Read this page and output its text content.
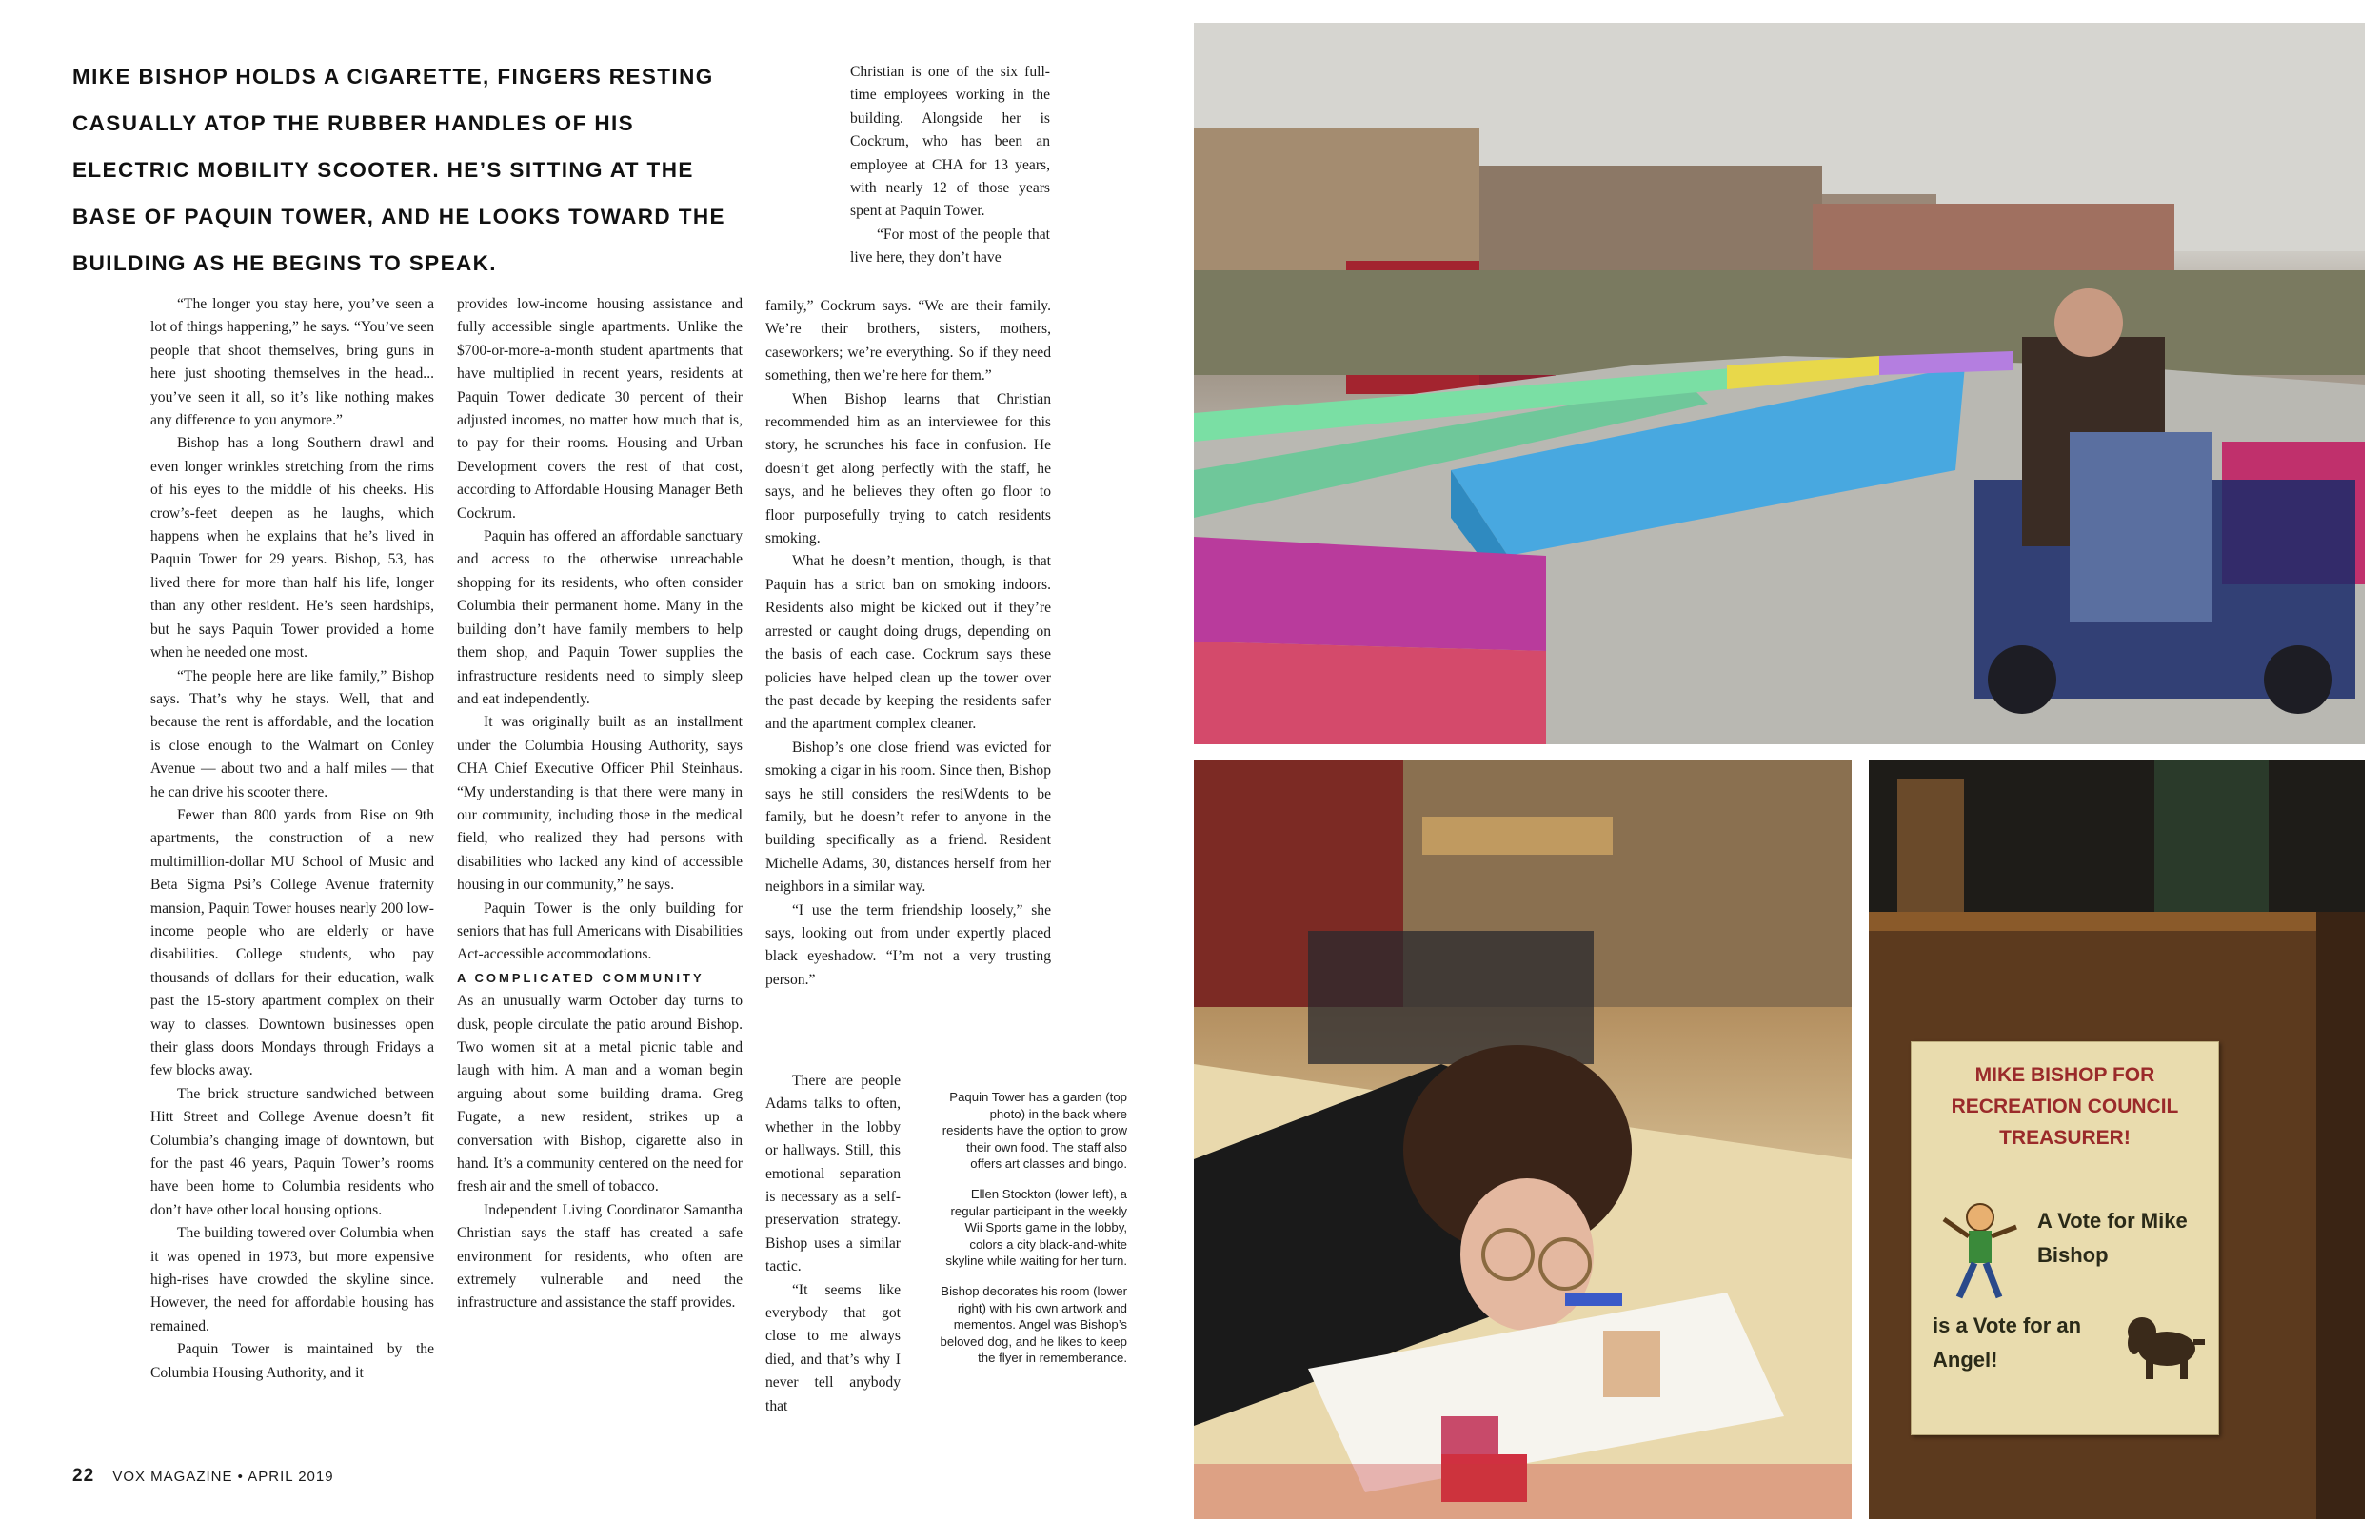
MIKE BISHOP HOLDS A CIGARETTE, FINGERS RESTING CASUALLY ATOP THE RUBBER HANDLES OF HIS ELECTRIC MOBILITY SCOOTER. HE’S SITTING AT THE BASE OF PAQUIN TOWER, AND HE LOOKS TOWARD THE BUILDING AS HE BEGINS TO SPEAK.

Christian is one of the six full-time employees working in the building. Alongside her is Cockrum, who has been an employee at CHA for 13 years, with nearly 12 of those years spent at Paquin Tower.

“For most of the people that live here, they don’t have

“The longer you stay here, you’ve seen a lot of things happening,” he says. “You’ve seen people that shoot themselves, bring guns in here just shooting themselves in the head... you’ve seen it all, so it’s like nothing makes any difference to you anymore.”

Bishop has a long Southern drawl and even longer wrinkles stretching from the rims of his eyes to the middle of his cheeks. His crow’s-feet deepen as he laughs, which happens when he explains that he’s lived in Paquin Tower for 29 years. Bishop, 53, has lived there for more than half his life, longer than any other resident. He’s seen hardships, but he says Paquin Tower provided a home when he needed one most.

“The people here are like family,” Bishop says. That’s why he stays. Well, that and because the rent is affordable, and the location is close enough to the Walmart on Conley Avenue — about two and a half miles — that he can drive his scooter there.

Fewer than 800 yards from Rise on 9th apartments, the construction of a new multimillion-dollar MU School of Music and Beta Sigma Psi’s College Avenue fraternity mansion, Paquin Tower houses nearly 200 low-income people who are elderly or have disabilities. College students, who pay thousands of dollars for their education, walk past the 15-story apartment complex on their way to classes. Downtown businesses open their glass doors Mondays through Fridays a few blocks away.

The brick structure sandwiched between Hitt Street and College Avenue doesn’t fit Columbia’s changing image of downtown, but for the past 46 years, Paquin Tower’s rooms have been home to Columbia residents who don’t have other local housing options.

The building towered over Columbia when it was opened in 1973, but more expensive high-rises have crowded the skyline since. However, the need for affordable housing has remained.

Paquin Tower is maintained by the Columbia Housing Authority, and it

provides low-income housing assistance and fully accessible single apartments. Unlike the $700-or-more-a-month student apartments that have multiplied in recent years, residents at Paquin Tower dedicate 30 percent of their adjusted incomes, no matter how much that is, to pay for their rooms. Housing and Urban Development covers the rest of that cost, according to Affordable Housing Manager Beth Cockrum.

Paquin has offered an affordable sanctuary and access to the otherwise unreachable shopping for its residents, who often consider Columbia their permanent home. Many in the building don’t have family members to help them shop, and Paquin Tower supplies the infrastructure residents need to simply sleep and eat independently.

It was originally built as an installment under the Columbia Housing Authority, says CHA Chief Executive Officer Phil Steinhaus. “My understanding is that there were many in our community, including those in the medical field, who realized they had persons with disabilities who lacked any kind of accessible housing in our community,” he says.

Paquin Tower is the only building for seniors that has full Americans with Disabilities Act-accessible accommodations.

A COMPLICATED COMMUNITY

As an unusually warm October day turns to dusk, people circulate the patio around Bishop. Two women sit at a metal picnic table and laugh with him. A man and a woman begin arguing about some building drama. Greg Fugate, a new resident, strikes up a conversation with Bishop, cigarette also in hand. It’s a community centered on the need for fresh air and the smell of tobacco.

Independent Living Coordinator Samantha Christian says the staff has created a safe environment for residents, who often are extremely vulnerable and need the infrastructure and assistance the staff provides.

family,” Cockrum says. “We are their family. We’re their brothers, sisters, mothers, caseworkers; we’re everything. So if they need something, then we’re here for them.”

When Bishop learns that Christian recommended him as an interviewee for this story, he scrunches his face in confusion. He doesn’t get along perfectly with the staff, he says, and he believes they often go floor to floor purposefully trying to catch residents smoking.

What he doesn’t mention, though, is that Paquin has a strict ban on smoking indoors. Residents also might be kicked out if they’re arrested or caught doing drugs, depending on the basis of each case. Cockrum says these policies have helped clean up the tower over the past decade by keeping the residents safer and the apartment complex cleaner.

Bishop’s one close friend was evicted for smoking a cigar in his room. Since then, Bishop says he still considers the resiWdents to be family, but he doesn’t refer to anyone in the building specifically as a friend. Resident Michelle Adams, 30, distances herself from her neighbors in a similar way.

“I use the term friendship loosely,” she says, looking out from under expertly placed black eyeshadow. “I’m not a very trusting person.”

There are people Adams talks to often, whether in the lobby or hallways. Still, this emotional separation is necessary as a self-preservation strategy. Bishop uses a similar tactic.

“It seems like everybody that got close to me always died, and that’s why I never tell anybody that

Paquin Tower has a garden (top photo) in the back where residents have the option to grow their own food. The staff also offers art classes and bingo.

Ellen Stockton (lower left), a regular participant in the weekly Wii Sports game in the lobby, colors a city black-and-white skyline while waiting for her turn.

Bishop decorates his room (lower right) with his own artwork and mementos. Angel was Bishop’s beloved dog, and he likes to keep the flyer in rememberance.

22 VOX MAGAZINE • APRIL 2019
MIKE BISHOP FOR RECREATION COUNCIL TREASURER!
A Vote for Mike Bishop
is a Vote for an Angel!
